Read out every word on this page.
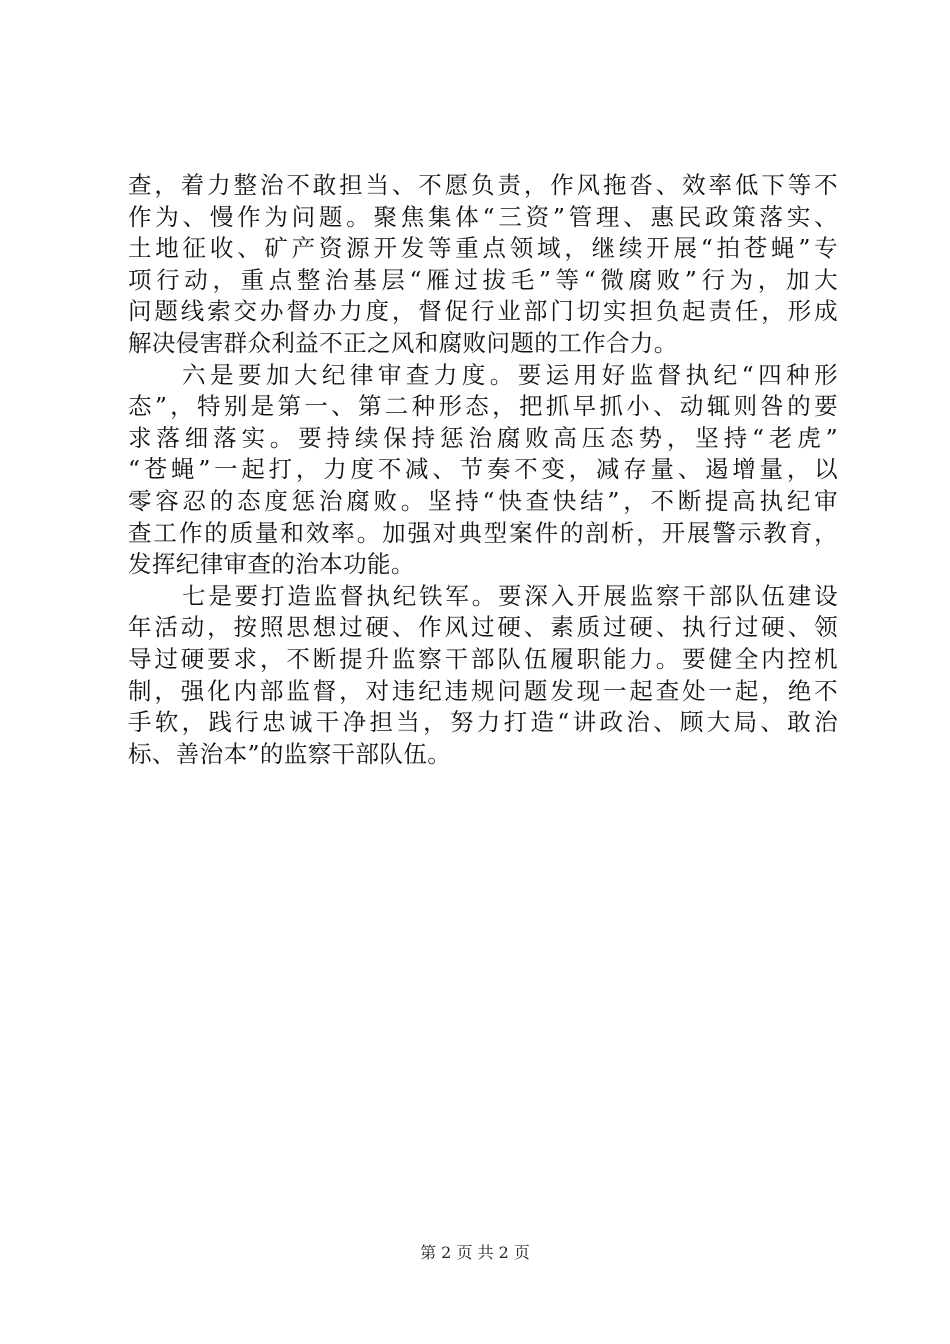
查，着力整治不敢担当、不愿负责，作风拖沓、效率低下等不
作为、慢作为问题。聚焦集体“三资”管理、惠民政策落实、
土地征收、矿产资源开发等重点领域，继续开展“拍苍蝇”专
项行动，重点整治基层“雁过拔毛”等“微腐败”行为，加大
问题线索交办督办力度，督促行业部门切实担负起责任，形成
解决侵害群众利益不正之风和腐败问题的工作合力。
六是要加大纪律审查力度。要运用好监督执纪“四种形
态”，特别是第一、第二种形态，把抓早抓小、动辄则咎的要
求落细落实。要持续保持惩治腐败高压态势，坚持“老虎”
“苍蝇”一起打，力度不减、节奏不变，减存量、遏增量，以
零容忍的态度惩治腐败。坚持“快查快结”，不断提高执纪审
查工作的质量和效率。加强对典型案件的剖析，开展警示教育，
发挥纪律审查的治本功能。
七是要打造监督执纪铁军。要深入开展监察干部队伍建设
年活动，按照思想过硬、作风过硬、素质过硬、执行过硬、领
导过硬要求，不断提升监察干部队伍履职能力。要健全内控机
制，强化内部监督，对违纪违规问题发现一起查处一起，绝不
手软，践行忠诚干净担当，努力打造“讲政治、顾大局、敢治
标、善治本”的监察干部队伍。
第 2 页 共 2 页
